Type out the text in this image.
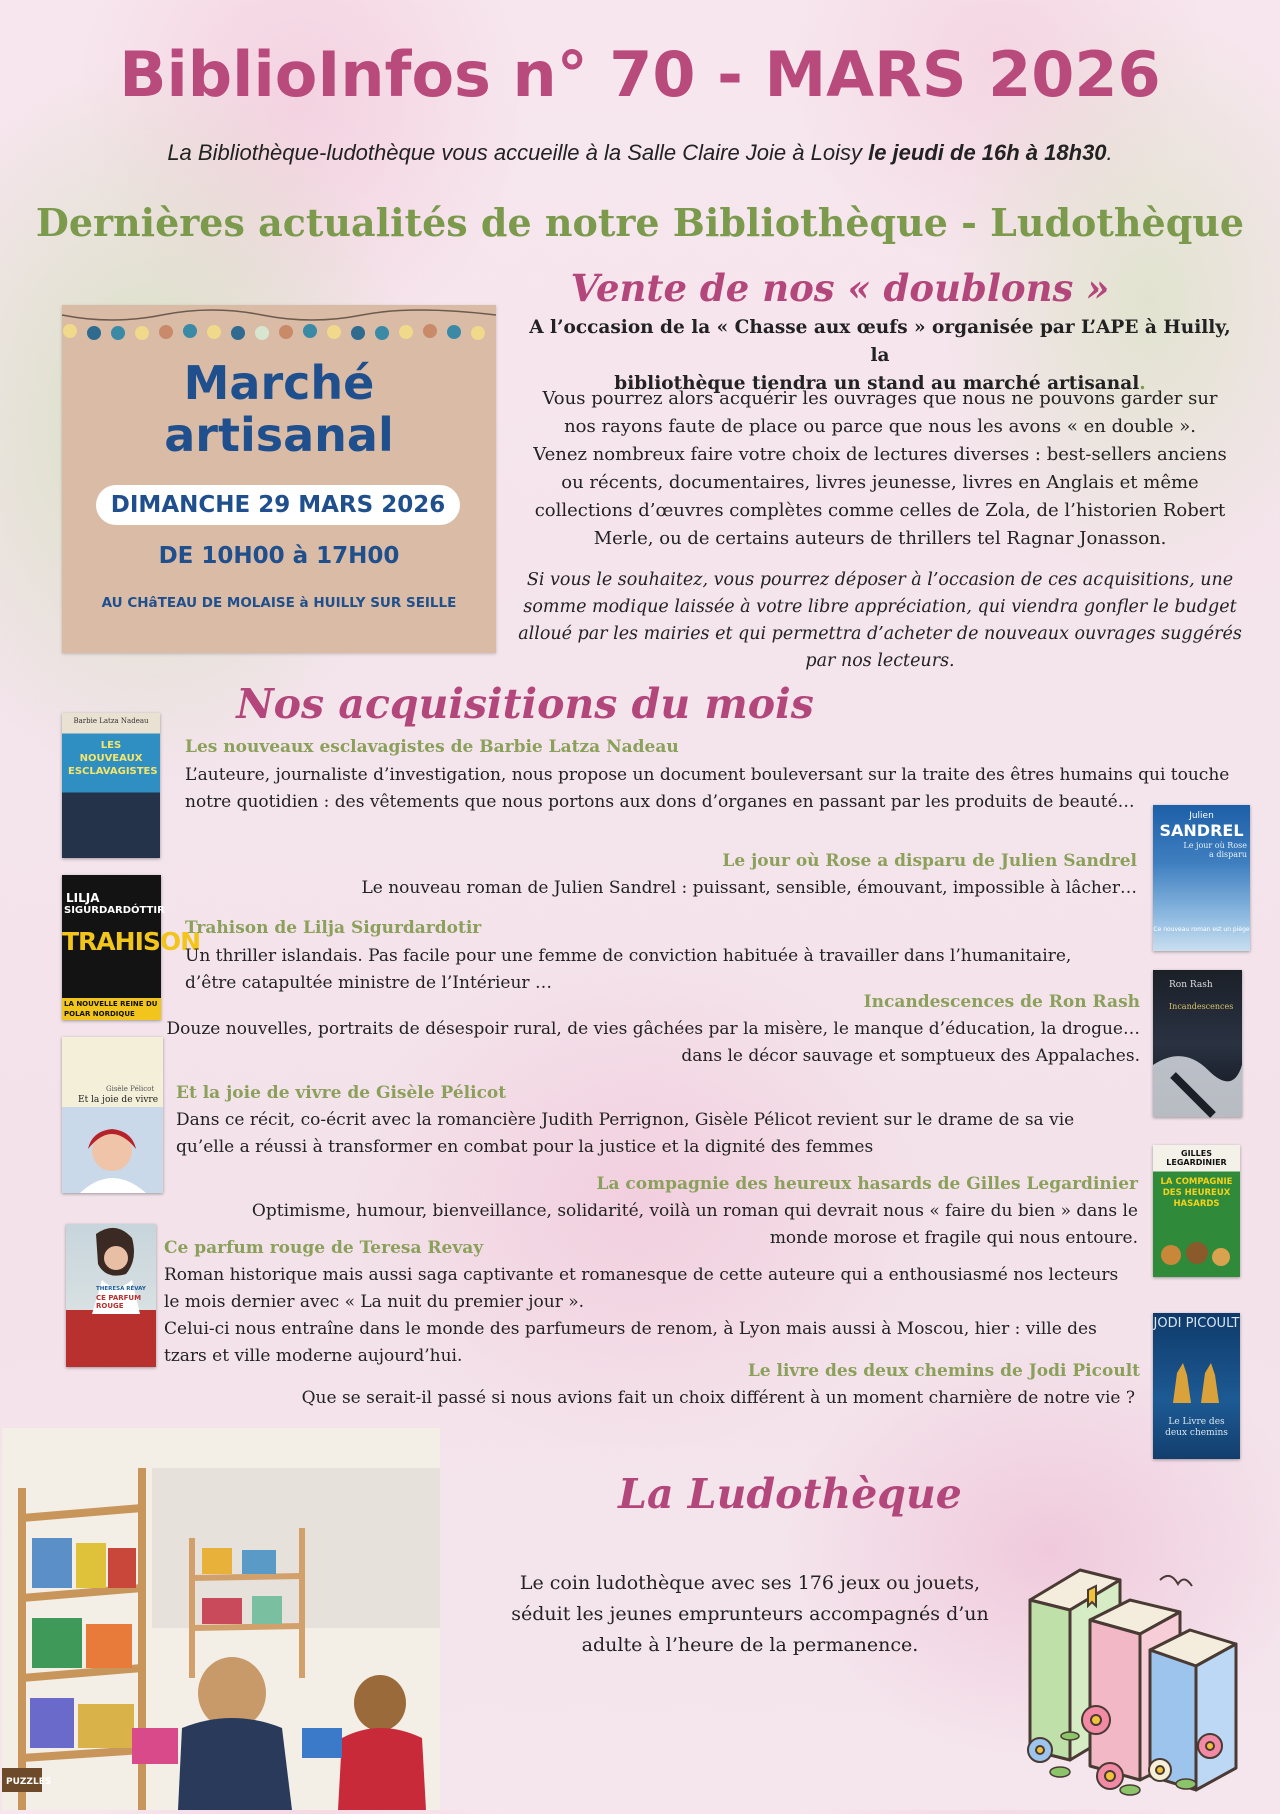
BiblioInfos n° 70 - MARS 2026
La Bibliothèque-ludothèque vous accueille à la Salle Claire Joie à Loisy le jeudi de 16h à 18h30.
Dernières actualités de notre Bibliothèque - Ludothèque
Marché
artisanal
DIMANCHE 29 MARS 2026
DE 10H00 à 17H00
AU CHâTEAU DE MOLAISE à HUILLY SUR SEILLE
Vente de nos « doublons »
A l’occasion de la « Chasse aux œufs » organisée par L’APE à Huilly, la
bibliothèque tiendra un stand au marché artisanal.
Vous pourrez alors acquérir les ouvrages que nous ne pouvons garder sur nos rayons faute de place ou parce que nous les avons « en double ».
Venez nombreux faire votre choix de lectures diverses : best-sellers anciens ou récents, documentaires, livres jeunesse, livres en Anglais et même collections d’œuvres complètes comme celles de Zola, de l’historien Robert Merle, ou de certains auteurs de thrillers tel Ragnar Jonasson.
Si vous le souhaitez, vous pourrez déposer à l’occasion de ces acquisitions, une somme modique laissée à votre libre appréciation, qui viendra gonfler le budget alloué par les mairies et qui permettra d’acheter de nouveaux ouvrages suggérés par nos lecteurs.
Nos acquisitions du mois
Barbie Latza Nadeau
LES NOUVEAUX ESCLAVAGISTES
Les nouveaux esclavagistes de Barbie Latza Nadeau
L’auteure, journaliste d’investigation, nous propose un document bouleversant sur la traite des êtres humains qui touche notre quotidien : des vêtements que nous portons aux dons d’organes en passant par les produits de beauté…
Julien
SANDREL
Le jour où Rose a disparu
Ce nouveau roman est un piège
Le jour où Rose a disparu de Julien Sandrel
Le nouveau roman de Julien Sandrel : puissant, sensible, émouvant, impossible à lâcher…
LILJA
SIGURDARDÓTTIR
TRAHISON
LA NOUVELLE REINE DU POLAR NORDIQUE
Trahison de Lilja Sigurdardotir
Un thriller islandais. Pas facile pour une femme de conviction habituée à travailler dans l’humanitaire, d’être catapultée ministre de l’Intérieur …	Ron Rash
Incandescences
Incandescences de Ron Rash
Douze nouvelles, portraits de désespoir rural, de vies gâchées par la misère, le manque d’éducation, la drogue…
dans le décor sauvage et somptueux des Appalaches.
Gisèle Pélicot
Et la joie de vivre Et la joie de vivre de Gisèle Pélicot
Dans ce récit, co-écrit avec la romancière Judith Perrignon, Gisèle Pélicot revient sur le drame de sa vie qu’elle a réussi à transformer en combat pour la justice et la dignité des femmes	GILLES LEGARDINIER
LA COMPAGNIE DES HEUREUX HASARDS
La compagnie des heureux hasards de Gilles Legardinier
Optimisme, humour, bienveillance, solidarité, voilà un roman qui devrait nous « faire du bien » dans le
monde morose et fragile qui nous entoure.
THERESA RÉVAY
CE PARFUM ROUGE
Ce parfum rouge de Teresa Revay
Roman historique mais aussi saga captivante et romanesque de cette auteure qui a enthousiasmé nos lecteurs le mois dernier avec « La nuit du premier jour ».
Celui-ci nous entraîne dans le monde des parfumeurs de renom, à Lyon mais aussi à Moscou, hier : ville des tzars et ville moderne aujourd’hui.
JODI PICOULT
Le Livre des deux chemins
Le livre des deux chemins de Jodi Picoult
Que se serait-il passé si nous avions fait un choix différent à un moment charnière de notre vie ?
PUZZLES
La Ludothèque
Le coin ludothèque avec ses 176 jeux ou jouets, séduit les jeunes emprunteurs accompagnés d’un adulte à l’heure de la permanence.
